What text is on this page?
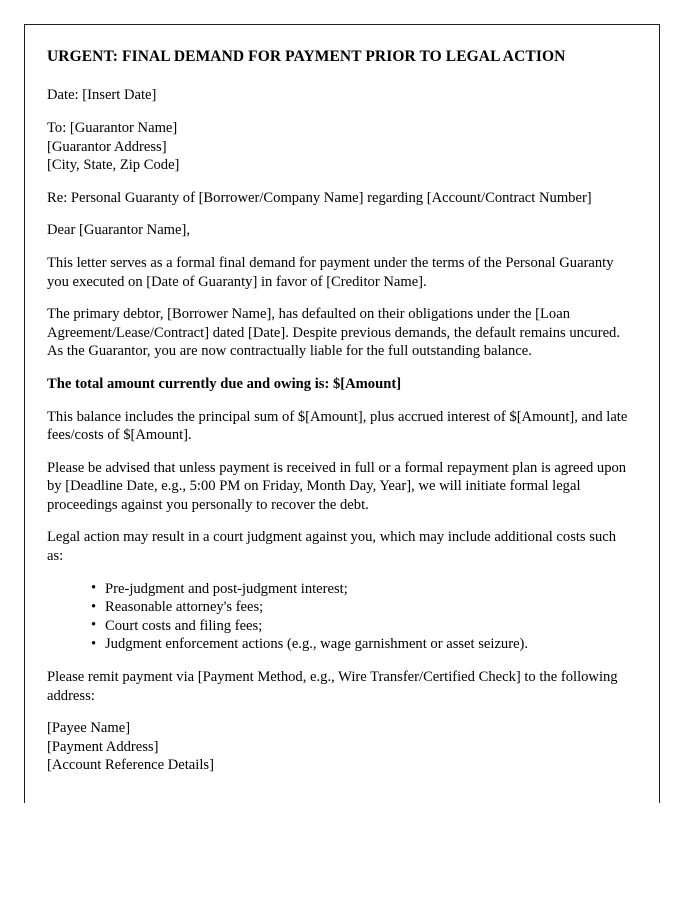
URGENT: FINAL DEMAND FOR PAYMENT PRIOR TO LEGAL ACTION

Date: [Insert Date]

To: [Guarantor Name]
[Guarantor Address]
[City, State, Zip Code]

Re: Personal Guaranty of [Borrower/Company Name] regarding [Account/Contract Number]

Dear [Guarantor Name],

This letter serves as a formal final demand for payment under the terms of the Personal Guaranty you executed on [Date of Guaranty] in favor of [Creditor Name].

The primary debtor, [Borrower Name], has defaulted on their obligations under the [Loan Agreement/Lease/Contract] dated [Date]. Despite previous demands, the default remains uncured. As the Guarantor, you are now contractually liable for the full outstanding balance.

The total amount currently due and owing is: $[Amount]

This balance includes the principal sum of $[Amount], plus accrued interest of $[Amount], and late fees/costs of $[Amount].

Please be advised that unless payment is received in full or a formal repayment plan is agreed upon by [Deadline Date, e.g., 5:00 PM on Friday, Month Day, Year], we will initiate formal legal proceedings against you personally to recover the debt.

Legal action may result in a court judgment against you, which may include additional costs such as:

• Pre-judgment and post-judgment interest;
• Reasonable attorney's fees;
• Court costs and filing fees;
• Judgment enforcement actions (e.g., wage garnishment or asset seizure).

Please remit payment via [Payment Method, e.g., Wire Transfer/Certified Check] to the following address:

[Payee Name]
[Payment Address]
[Account Reference Details]
